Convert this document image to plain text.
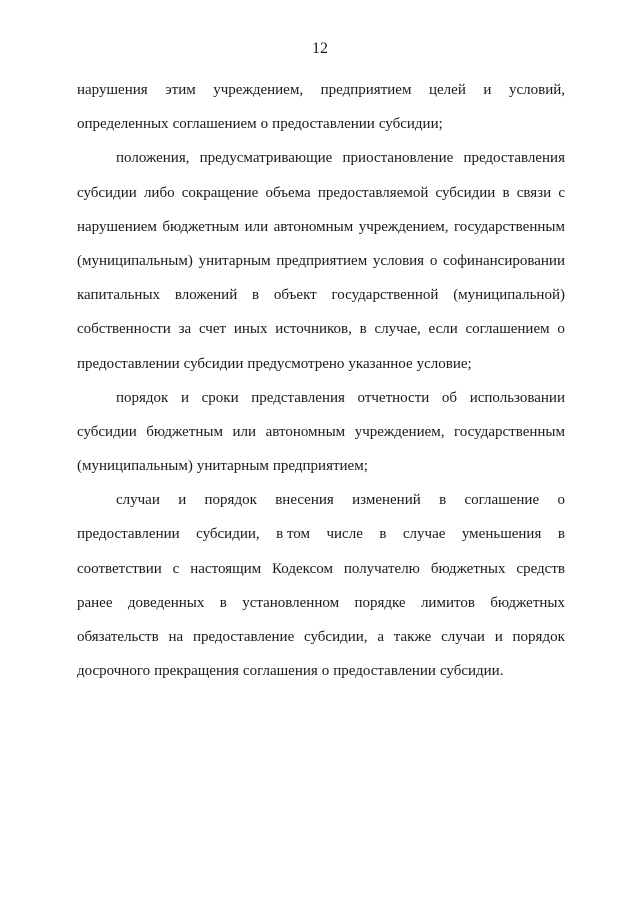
12
нарушения этим учреждением, предприятием целей и условий,
определенных соглашением о предоставлении субсидии;
положения, предусматривающие приостановление предоставления
субсидии либо сокращение объема предоставляемой субсидии в связи с
нарушением бюджетным или автономным учреждением, государственным
(муниципальным) унитарным предприятием условия о софинансировании
капитальных вложений в объект государственной (муниципальной)
собственности за счет иных источников, в случае, если соглашением о
предоставлении субсидии предусмотрено указанное условие;
порядок и сроки представления отчетности об использовании
субсидии бюджетным или автономным учреждением, государственным
(муниципальным) унитарным предприятием;
случаи и порядок внесения изменений в соглашение о
предоставлении субсидии, в том числе в случае уменьшения в
соответствии с настоящим Кодексом получателю бюджетных средств
ранее доведенных в установленном порядке лимитов бюджетных
обязательств на предоставление субсидии, а также случаи и порядок
досрочного прекращения соглашения о предоставлении субсидии.
